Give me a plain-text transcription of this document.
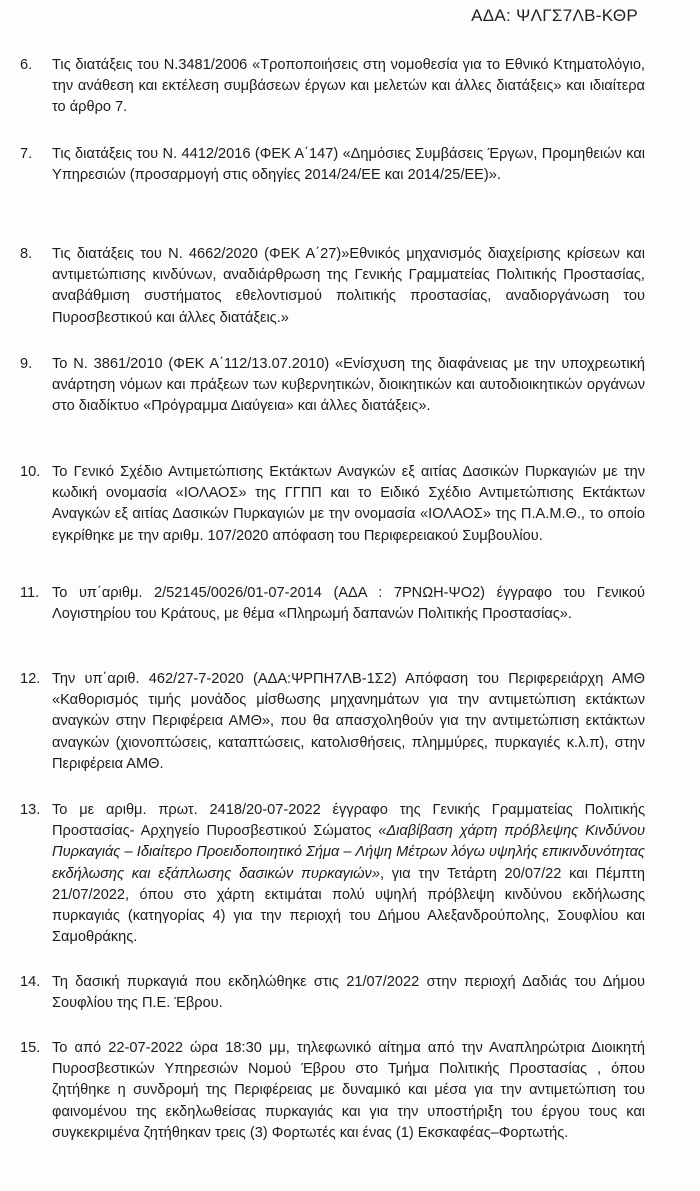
ΑΔΑ: ΨΛΓΣ7ΛΒ-ΚΘΡ
6.	Τις διατάξεις του Ν.3481/2006 «Τροποποιήσεις στη νομοθεσία για το Εθνικό Κτηματολόγιο, την ανάθεση και εκτέλεση συμβάσεων έργων και μελετών και άλλες διατάξεις» και ιδιαίτερα το άρθρο 7.
7.	Τις διατάξεις του Ν. 4412/2016 (ΦΕΚ Α΄147) «Δημόσιες Συμβάσεις Έργων, Προμηθειών και Υπηρεσιών (προσαρμογή στις οδηγίες 2014/24/ΕΕ και 2014/25/ΕΕ)».
8.	Τις διατάξεις του Ν. 4662/2020 (ΦΕΚ Α΄27)»Εθνικός μηχανισμός διαχείρισης κρίσεων και αντιμετώπισης κινδύνων, αναδιάρθρωση της Γενικής Γραμματείας Πολιτικής Προστασίας, αναβάθμιση συστήματος εθελοντισμού πολιτικής προστασίας, αναδιοργάνωση του Πυροσβεστικού και άλλες διατάξεις.»
9.	Το Ν. 3861/2010 (ΦΕΚ Α΄112/13.07.2010) «Ενίσχυση της διαφάνειας με την υποχρεωτική ανάρτηση νόμων και πράξεων των κυβερνητικών, διοικητικών και αυτοδιοικητικών οργάνων στο διαδίκτυο «Πρόγραμμα Διαύγεια» και άλλες διατάξεις».
10. Το Γενικό Σχέδιο Αντιμετώπισης Εκτάκτων Αναγκών εξ αιτίας Δασικών Πυρκαγιών με την κωδική ονομασία «ΙΟΛΑΟΣ» της ΓΓΠΠ και το Ειδικό Σχέδιο Αντιμετώπισης Εκτάκτων Αναγκών εξ αιτίας Δασικών Πυρκαγιών με την ονομασία «ΙΟΛΑΟΣ» της Π.Α.Μ.Θ., το οποίο εγκρίθηκε με την αριθμ. 107/2020 απόφαση του Περιφερειακού Συμβουλίου.
11. Το υπ΄αριθμ. 2/52145/0026/01-07-2014 (ΑΔΑ : 7ΡΝΩΗ-ΨΟ2) έγγραφο του Γενικού Λογιστηρίου του Κράτους, με θέμα «Πληρωμή δαπανών Πολιτικής Προστασίας».
12. Την υπ΄αριθ. 462/27-7-2020 (ΑΔΑ:ΨΡΠΗ7ΛΒ-1Σ2) Απόφαση του Περιφερειάρχη ΑΜΘ «Καθορισμός τιμής μονάδος μίσθωσης μηχανημάτων για την αντιμετώπιση εκτάκτων αναγκών στην Περιφέρεια ΑΜΘ», που θα απασχοληθούν για την αντιμετώπιση εκτάκτων αναγκών (χιονοπτώσεις, καταπτώσεις, κατολισθήσεις, πλημμύρες, πυρκαγιές κ.λ.π), στην Περιφέρεια ΑΜΘ.
13. Το με αριθμ. πρωτ. 2418/20-07-2022 έγγραφο της Γενικής Γραμματείας Πολιτικής Προστασίας- Αρχηγείο Πυροσβεστικού Σώματος «Διαβίβαση χάρτη πρόβλεψης Κινδύνου Πυρκαγιάς – Ιδιαίτερο Προειδοποιητικό Σήμα – Λήψη Μέτρων λόγω υψηλής επικινδυνότητας εκδήλωσης και εξάπλωσης δασικών πυρκαγιών», για την Τετάρτη 20/07/22 και Πέμπτη 21/07/2022, όπου στο χάρτη εκτιμάται πολύ υψηλή πρόβλεψη κινδύνου εκδήλωσης πυρκαγιάς (κατηγορίας 4) για την περιοχή του Δήμου Αλεξανδρούπολης, Σουφλίου και Σαμοθράκης.
14. Τη δασική πυρκαγιά που εκδηλώθηκε στις 21/07/2022 στην περιοχή Δαδιάς του Δήμου Σουφλίου της Π.Ε. Έβρου.
15. Το από 22-07-2022 ώρα 18:30 μμ, τηλεφωνικό αίτημα από την Αναπληρώτρια Διοικητή Πυροσβεστικών Υπηρεσιών Νομού Έβρου στο Τμήμα Πολιτικής Προστασίας , όπου ζητήθηκε η συνδρομή της Περιφέρειας με δυναμικό και μέσα για την αντιμετώπιση του φαινομένου της εκδηλωθείσας πυρκαγιάς και για την υποστήριξη του έργου τους και συγκεκριμένα ζητήθηκαν τρεις (3) Φορτωτές και ένας (1) Εκσκαφέας–Φορτωτής.
